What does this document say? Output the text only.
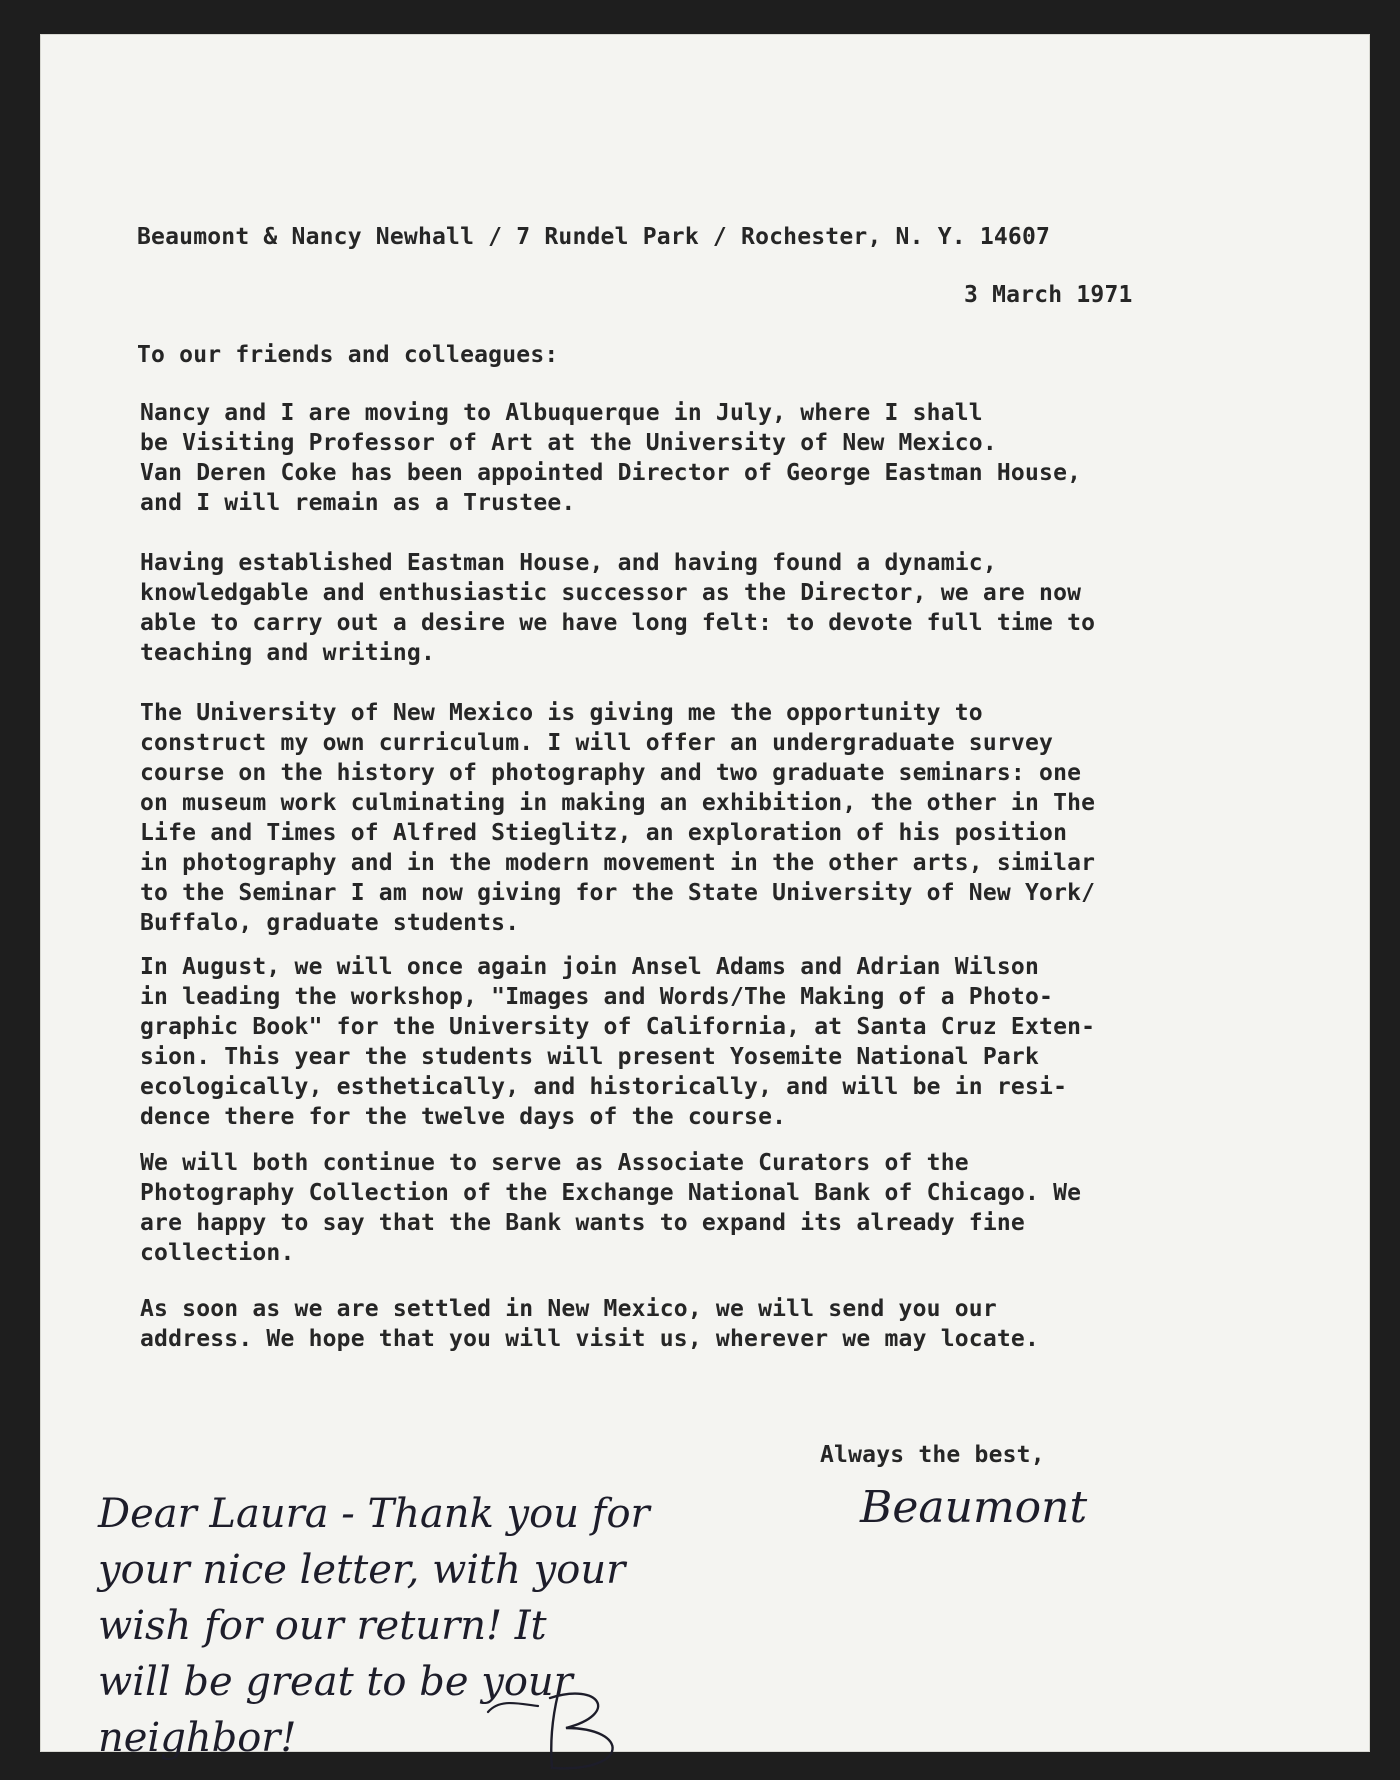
Beaumont & Nancy Newhall / 7 Rundel Park / Rochester, N. Y. 14607
3 March 1971
To our friends and colleagues:

Nancy and I are moving to Albuquerque in July, where I shall
be Visiting Professor of Art at the University of New Mexico.
Van Deren Coke has been appointed Director of George Eastman House,
and I will remain as a Trustee.

Having established Eastman House, and having found a dynamic,
knowledgable and enthusiastic successor as the Director, we are now
able to carry out a desire we have long felt: to devote full time to
teaching and writing.

The University of New Mexico is giving me the opportunity to
construct my own curriculum. I will offer an undergraduate survey
course on the history of photography and two graduate seminars: one
on museum work culminating in making an exhibition, the other in The
Life and Times of Alfred Stieglitz, an exploration of his position
in photography and in the modern movement in the other arts, similar
to the Seminar I am now giving for the State University of New York/
Buffalo, graduate students.

In August, we will once again join Ansel Adams and Adrian Wilson
in leading the workshop, "Images and Words/The Making of a Photo-
graphic Book" for the University of California, at Santa Cruz Exten-
sion. This year the students will present Yosemite National Park
ecologically, esthetically, and historically, and will be in resi-
dence there for the twelve days of the course.

We will both continue to serve as Associate Curators of the
Photography Collection of the Exchange National Bank of Chicago. We
are happy to say that the Bank wants to expand its already fine
collection.

As soon as we are settled in New Mexico, we will send you our
address. We hope that you will visit us, wherever we may locate.

Always the best,
Beaumont
Dear Laura - Thank you for
your nice letter, with your
wish for our return! It
will be great to be your
neighbor!
